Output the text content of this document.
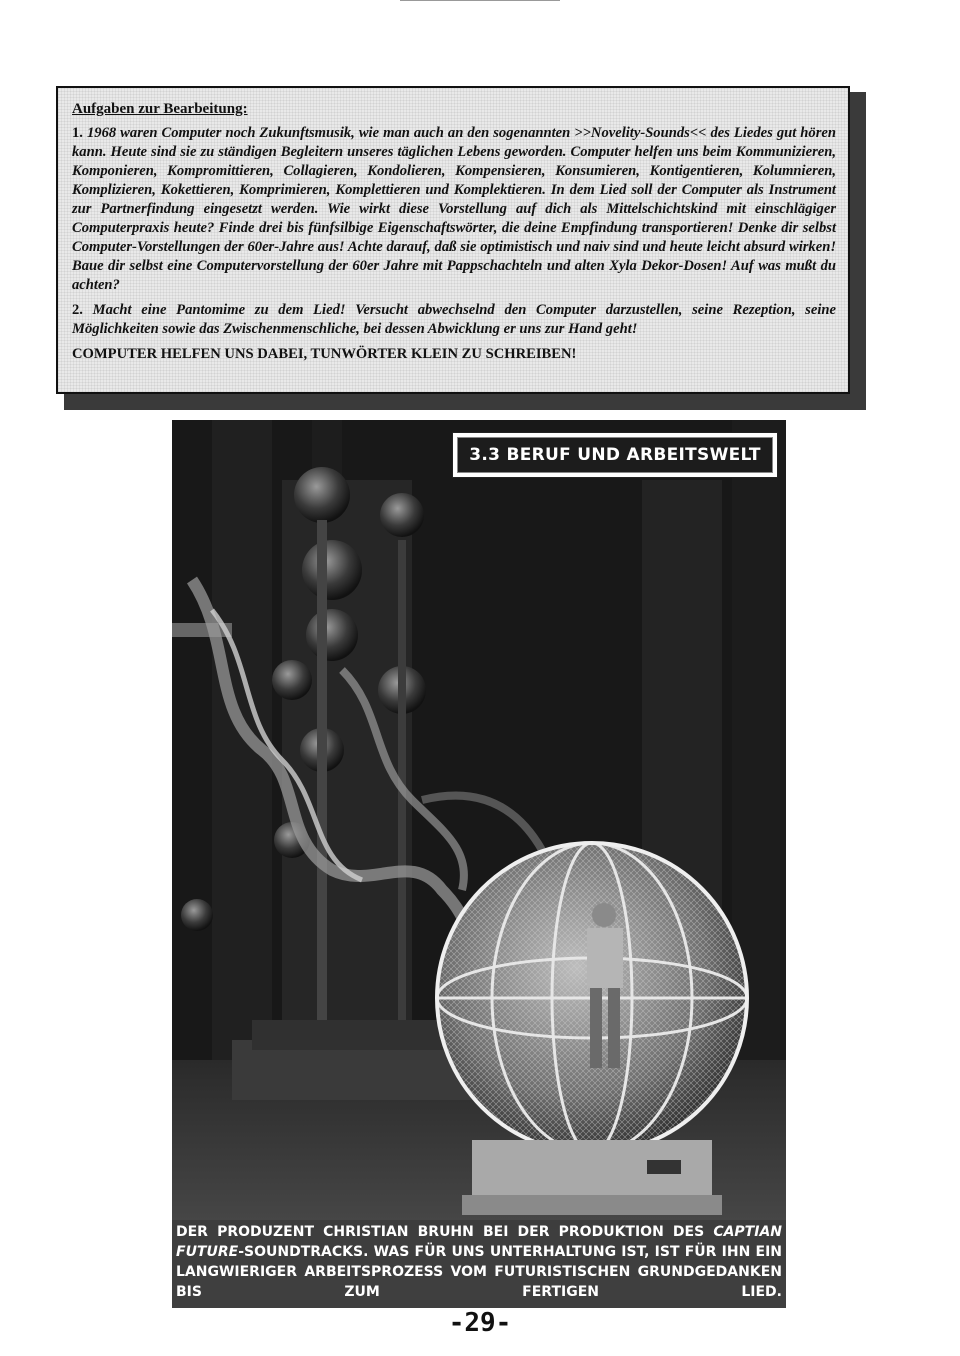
Aufgaben zur Bearbeitung:

1. 1968 waren Computer noch Zukunftsmusik, wie man auch an den sogenannten >>Novelity-Sounds<< des Liedes gut hören kann. Heute sind sie zu ständigen Begleitern unseres täglichen Lebens geworden. Computer helfen uns beim Kommunizieren, Komponieren, Kompromittieren, Collagieren, Kondolieren, Kompensieren, Konsumieren, Kontigentieren, Kolumnieren, Komplizieren, Kokettieren, Komprimieren, Komplettieren und Komplektieren. In dem Lied soll der Computer als Instrument zur Partnerfindung eingesetzt werden. Wie wirkt diese Vorstellung auf dich als Mittelschichtskind mit einschlägiger Computerpraxis heute? Finde drei bis fünfsilbige Eigenschaftswörter, die deine Empfindung transportieren! Denke dir selbst Computer-Vorstellungen der 60er-Jahre aus! Achte darauf, daß sie optimistisch und naiv sind und heute leicht absurd wirken! Baue dir selbst eine Computervorstellung der 60er Jahre mit Pappschachteln und alten Xyla Dekor-Dosen! Auf was mußt du achten?

2. Macht eine Pantomime zu dem Lied! Versucht abwechselnd den Computer darzustellen, seine Rezeption, seine Möglichkeiten sowie das Zwischenmenschliche, bei dessen Abwicklung er uns zur Hand geht!

COMPUTER HELFEN UNS DABEI, TUNWÖRTER KLEIN ZU SCHREIBEN!

3.3 BERUF UND ARBEITSWELT
DER PRODUZENT CHRISTIAN BRUHN BEI DER PRODUKTION DES CAPTIAN FUTURE-SOUNDTRACKS. WAS FÜR UNS UNTERHALTUNG IST, IST FÜR IHN EIN LANGWIERIGER ARBEITSPROZESS VOM FUTURISTISCHEN GRUNDGEDANKEN BIS ZUM FERTIGEN LIED.
-29-
